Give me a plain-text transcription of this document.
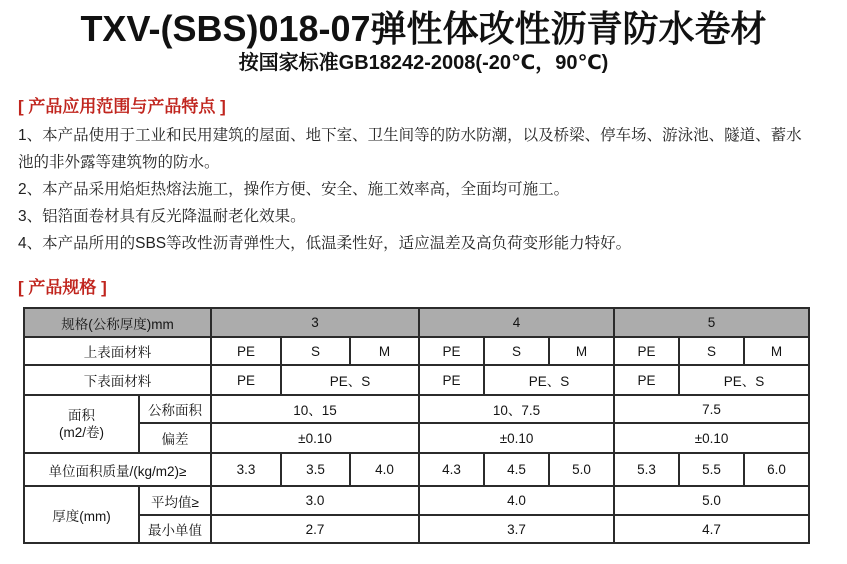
TXV-(SBS)018-07弹性体改性沥青防水卷材
按国家标准GB18242-2008(-20℃，90℃)
[ 产品应用范围与产品特点 ]

1、本产品使用于工业和民用建筑的屋面、地下室、卫生间等的防水防潮，以及桥梁、停车场、游泳池、隧道、蓄水池的非外露等建筑物的防水。

2、本产品采用焰炬热熔法施工，操作方便、安全、施工效率高，全面均可施工。

3、铝箔面卷材具有反光降温耐老化效果。

4、本产品所用的SBS等改性沥青弹性大，低温柔性好，适应温差及高负荷变形能力特好。

[ 产品规格 ]
规格(公称厚度)mm		3			4			5		
上表面材料		PE	S	M	PE	S	M	PE	S	M
下表面材料		PE	PE、S		PE	PE、S		PE	PE、S	
面积
(m2/卷)	公称面积	10、15			10、7.5			7.5		
	偏差	±0.10			±0.10			±0.10		
单位面积质量/(kg/m2)≥		3.3	3.5	4.0	4.3	4.5	5.0	5.3	5.5	6.0
厚度(mm)	平均值≥	3.0			4.0			5.0		
	最小单值	2.7			3.7			4.7		
